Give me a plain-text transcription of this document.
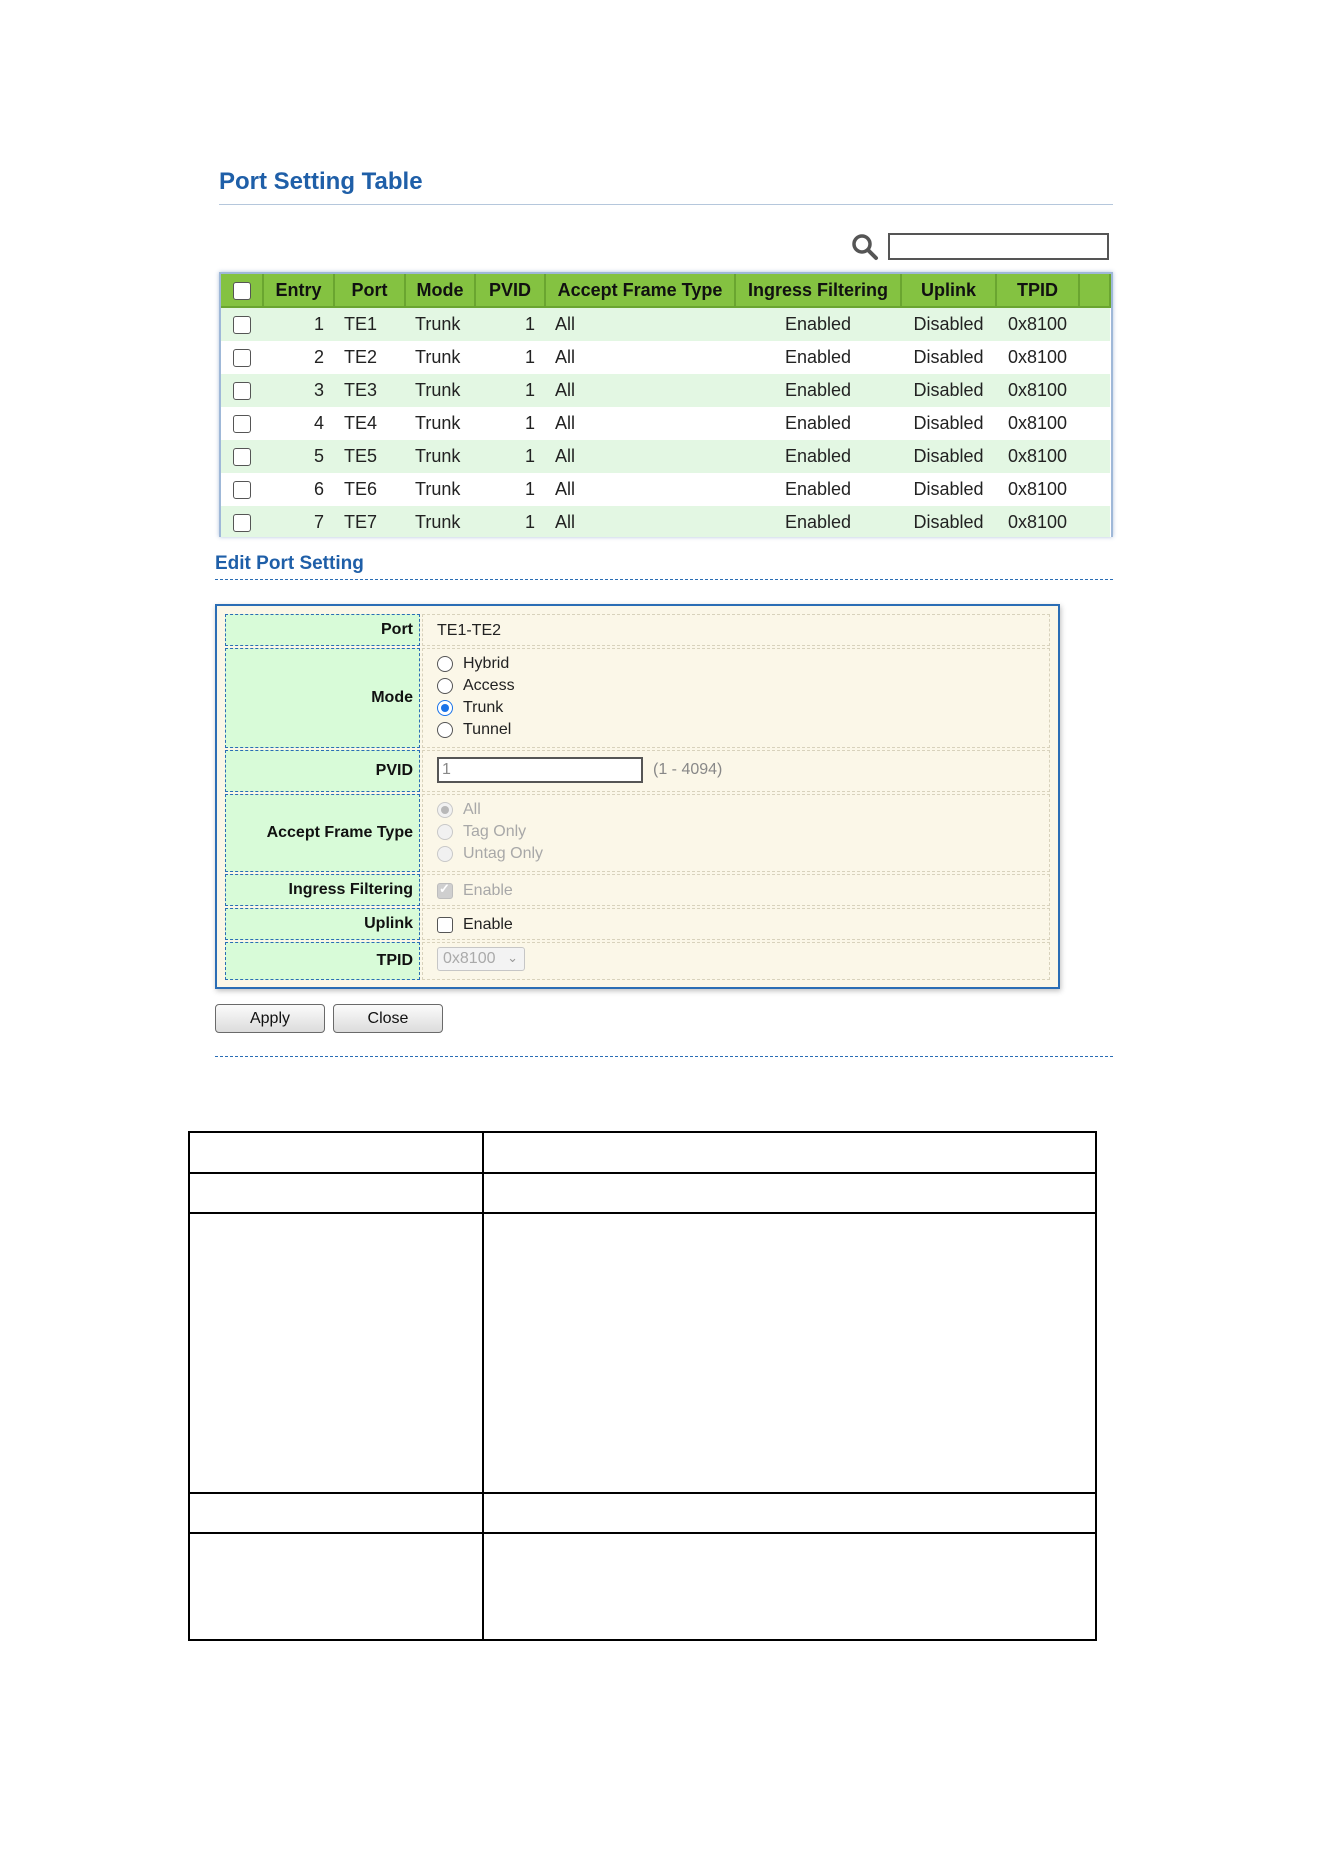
Port Setting Table
	Entry	Port	Mode	PVID	Accept Frame Type	Ingress Filtering	Uplink	TPID	
	1	TE1	Trunk	1	All	Enabled	Disabled	0x8100	
	2	TE2	Trunk	1	All	Enabled	Disabled	0x8100	
	3	TE3	Trunk	1	All	Enabled	Disabled	0x8100	
	4	TE4	Trunk	1	All	Enabled	Disabled	0x8100	
	5	TE5	Trunk	1	All	Enabled	Disabled	0x8100	
	6	TE6	Trunk	1	All	Enabled	Disabled	0x8100	
	7	TE7	Trunk	1	All	Enabled	Disabled	0x8100	
Edit Port Setting
Port	TE1-TE2
Mode
Hybrid
Access
Trunk
Tunnel
PVID
1	(1 - 4094)
Accept Frame Type
All
Tag Only
Untag Only
Ingress Filtering ✓	Enable
Uplink	Enable
TPID	0x8100 ⌄
Apply	Close
